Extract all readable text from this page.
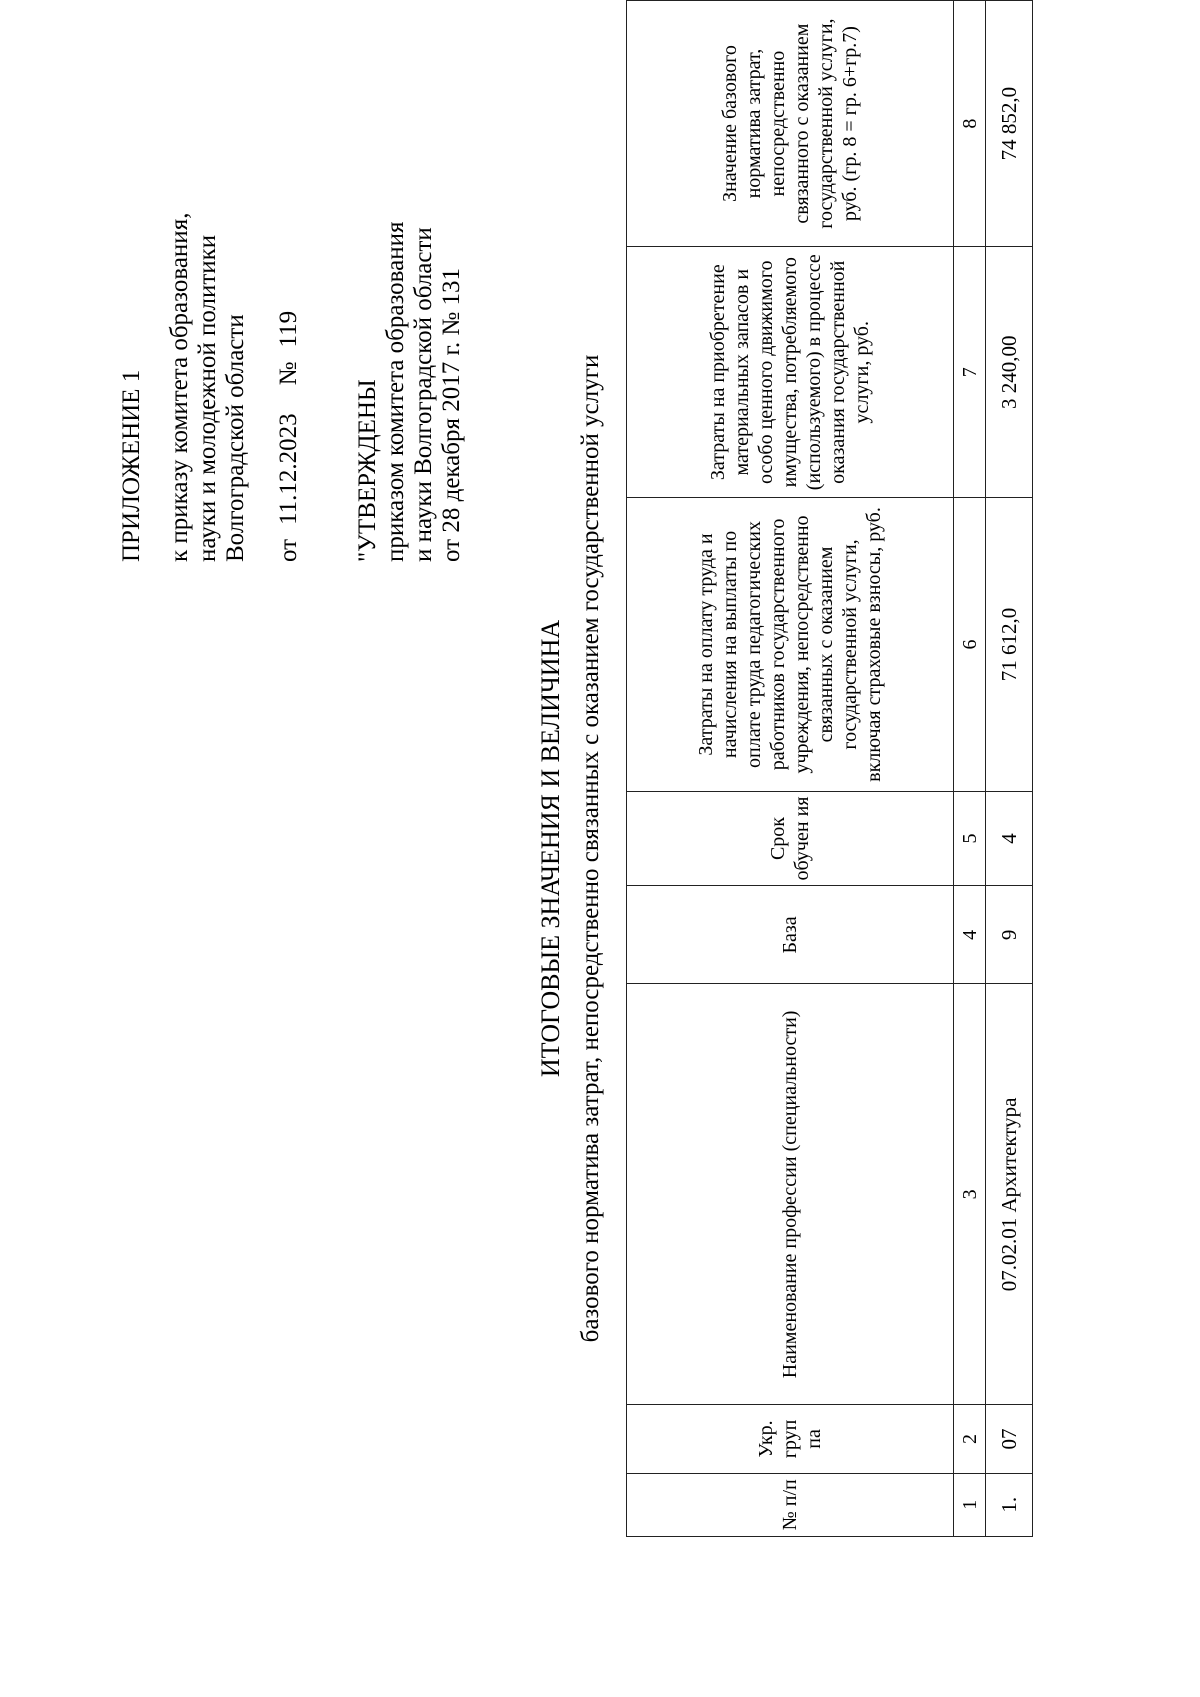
ПРИЛОЖЕНИЕ 1 к приказу комитета образования, науки и молодежной политики Волгоградской области от11.12.2023№119
"УТВЕРЖДЕНЫ приказом комитета образования и науки Волгоградской области от 28 декабря 2017 г. № 131
ИТОГОВЫЕ ЗНАЧЕНИЯ И ВЕЛИЧИНА базового норматива затрат, непосредственно связанных с оказанием государственной услуги
№ п/п	Укр. груп па	Наименование профессии (специальности)	База	Срок обучен ия	Затраты на оплату труда и начисления на выплаты по оплате труда педагогических работников государственного учреждения, непосредственно связанных с оказанием государственной услуги, включая страховые взносы, руб.	Затраты на приобретение материальных запасов и особо ценного движимого имущества, потребляемого (используемого) в процессе оказания государственной услуги, руб.	Значение базового норматива затрат, непосредственно связанного с оказанием государственной услуги, руб. (гр. 8 = гр. 6+гр.7)
1	2	3	4	5	6	7	8
1.	07	07.02.01 Архитектура	9	4	71 612,0	3 240,00	74 852,0
